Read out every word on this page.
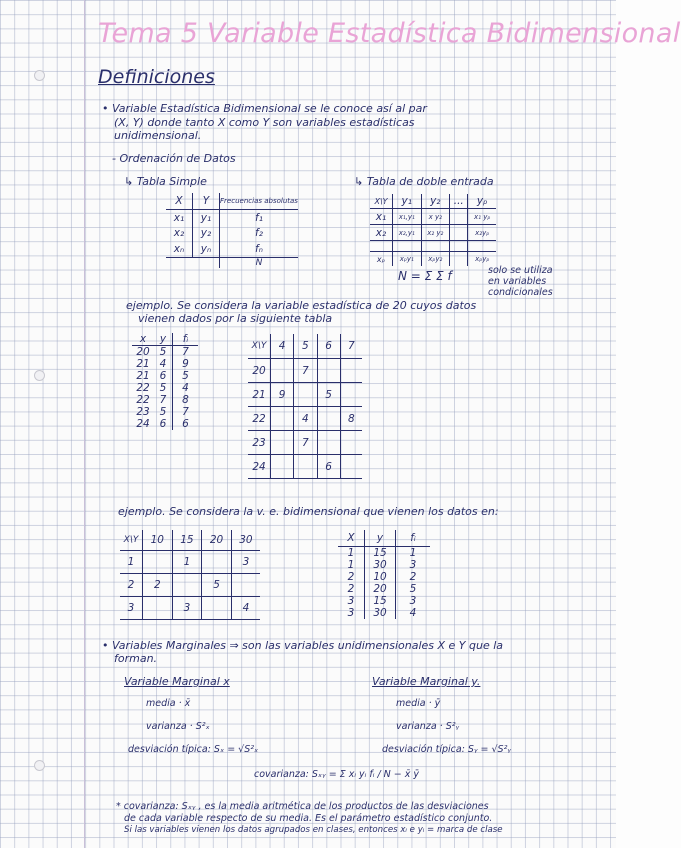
Tema 5 Variable Estadística Bidimensional
Definiciones
• Variable Estadística Bidimensional se le conoce así al par
(X, Y) donde tanto X como Y son variables estadísticas
unidimensional.
- Ordenación de Datos
↳ Tabla Simple
X	Y	Frecuencias absolutas
x₁	y₁	f₁
x₂	y₂	f₂
xₙ	yₙ	fₙ
		N
↳ Tabla de doble entrada
X\Y	y₁	y₂	...	yₚ
x₁	x₁,y₁	x y₂		x₁ yₚ
x₂	x₂,y₁	x₂ y₂		x₂yₚ

xₚ	xₚy₁	xₚy₂		xₚyₚ
N = Σ Σ f	solo se utiliza
en variables
condicionales
ejemplo. Se considera la variable estadística de 20 cuyos datos
vienen dados por la siguiente tabla
x	y	fᵢ
20	5	7
21	4	9
21	6	5
22	5	4
22	7	8
23	5	7
24	6	6
X\Y	4	5	6	7
20		7		
21	9		5	
22		4		8
23		7		
24			6	
ejemplo. Se considera la v. e. bidimensional que vienen los datos en:
X\Y	10	15	20	30
1		1		3
2	2		5	
3		3		4
X	y	fᵢ
1	15	1
1	30	3
2	10	2
2	20	5
3	15	3
3	30	4
• Variables Marginales ⇒ son las variables unidimensionales X e Y que la
forman.
Variable Marginal x	Variable Marginal y.
media · x̄	media · ȳ
varianza · S²ₓ	varianza · S²ᵧ
desviación típica: Sₓ = √S²ₓ	desviación típica: Sᵧ = √S²ᵧ
covarianza: Sₓᵧ = Σ xᵢ yᵢ fᵢ / N − x̄ ȳ
* covarianza: Sₓᵧ , es la media aritmética de los productos de las desviaciones
de cada variable respecto de su media. Es el parámetro estadístico conjunto.
Si las variables vienen los datos agrupados en clases, entonces xᵢ e yᵢ = marca de clase
